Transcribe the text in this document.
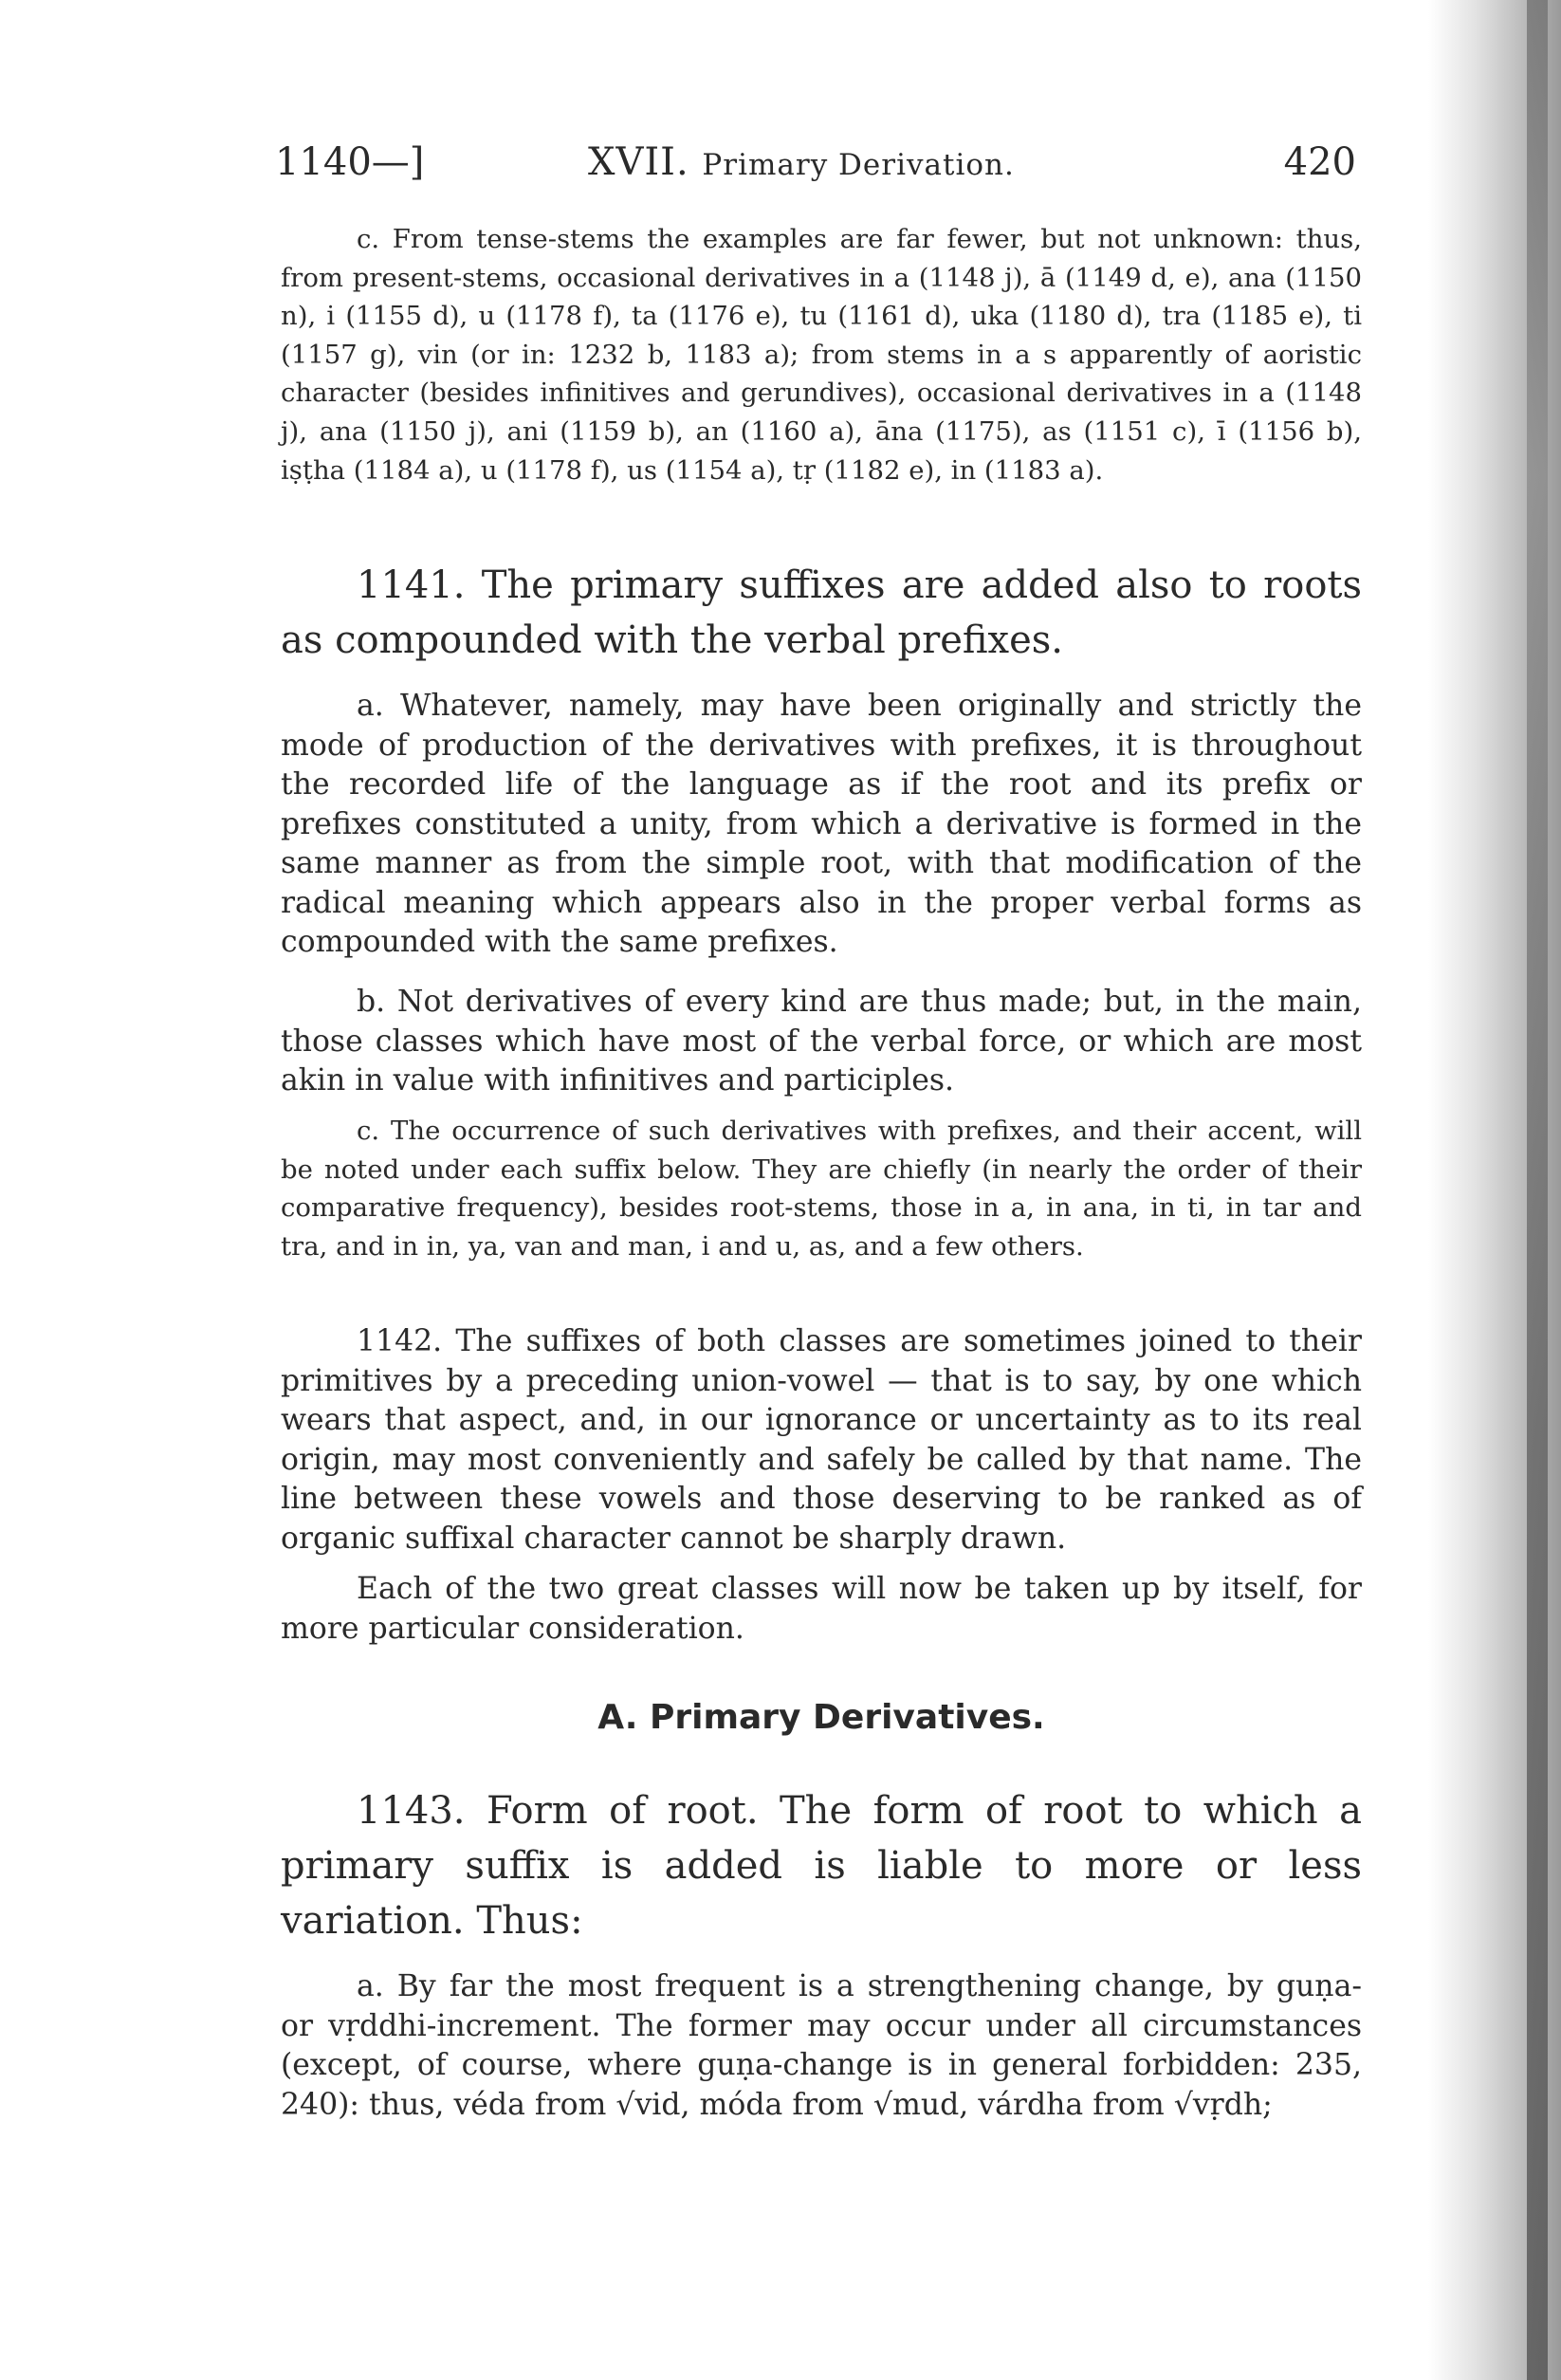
1140—]	XVII. Primary Derivation.	420

c. From tense-stems the examples are far fewer, but not unknown: thus, from present-stems, occasional derivatives in a (1148 j), ā (1149 d, e), ana (1150 n), i (1155 d), u (1178 f), ta (1176 e), tu (1161 d), uka (1180 d), tra (1185 e), ti (1157 g), vin (or in: 1232 b, 1183 a); from stems in a s apparently of aoristic character (besides infinitives and gerundives), occasional derivatives in a (1148 j), ana (1150 j), ani (1159 b), an (1160 a), āna (1175), as (1151 c), ī (1156 b), iṣṭha (1184 a), u (1178 f), us (1154 a), tṛ (1182 e), in (1183 a).

1141. The primary suffixes are added also to roots as compounded with the verbal prefixes.

a. Whatever, namely, may have been originally and strictly the mode of production of the derivatives with prefixes, it is throughout the recorded life of the language as if the root and its prefix or prefixes constituted a unity, from which a derivative is formed in the same manner as from the simple root, with that modification of the radical meaning which appears also in the proper verbal forms as compounded with the same prefixes.

b. Not derivatives of every kind are thus made; but, in the main, those classes which have most of the verbal force, or which are most akin in value with infinitives and participles.

c. The occurrence of such derivatives with prefixes, and their accent, will be noted under each suffix below. They are chiefly (in nearly the order of their comparative frequency), besides root-stems, those in a, in ana, in ti, in tar and tra, and in in, ya, van and man, i and u, as, and a few others.

1142. The suffixes of both classes are sometimes joined to their primitives by a preceding union-vowel — that is to say, by one which wears that aspect, and, in our ignorance or uncertainty as to its real origin, may most conveniently and safely be called by that name. The line between these vowels and those deserving to be ranked as of organic suffixal character cannot be sharply drawn.

Each of the two great classes will now be taken up by itself, for more particular consideration.

A. Primary Derivatives.

1143. Form of root. The form of root to which a primary suffix is added is liable to more or less variation. Thus:

a. By far the most frequent is a strengthening change, by guṇa- or vṛddhi-increment. The former may occur under all circumstances (except, of course, where guṇa-change is in general forbidden: 235, 240): thus, véda from √vid, móda from √mud, várdha from √vṛdh;
